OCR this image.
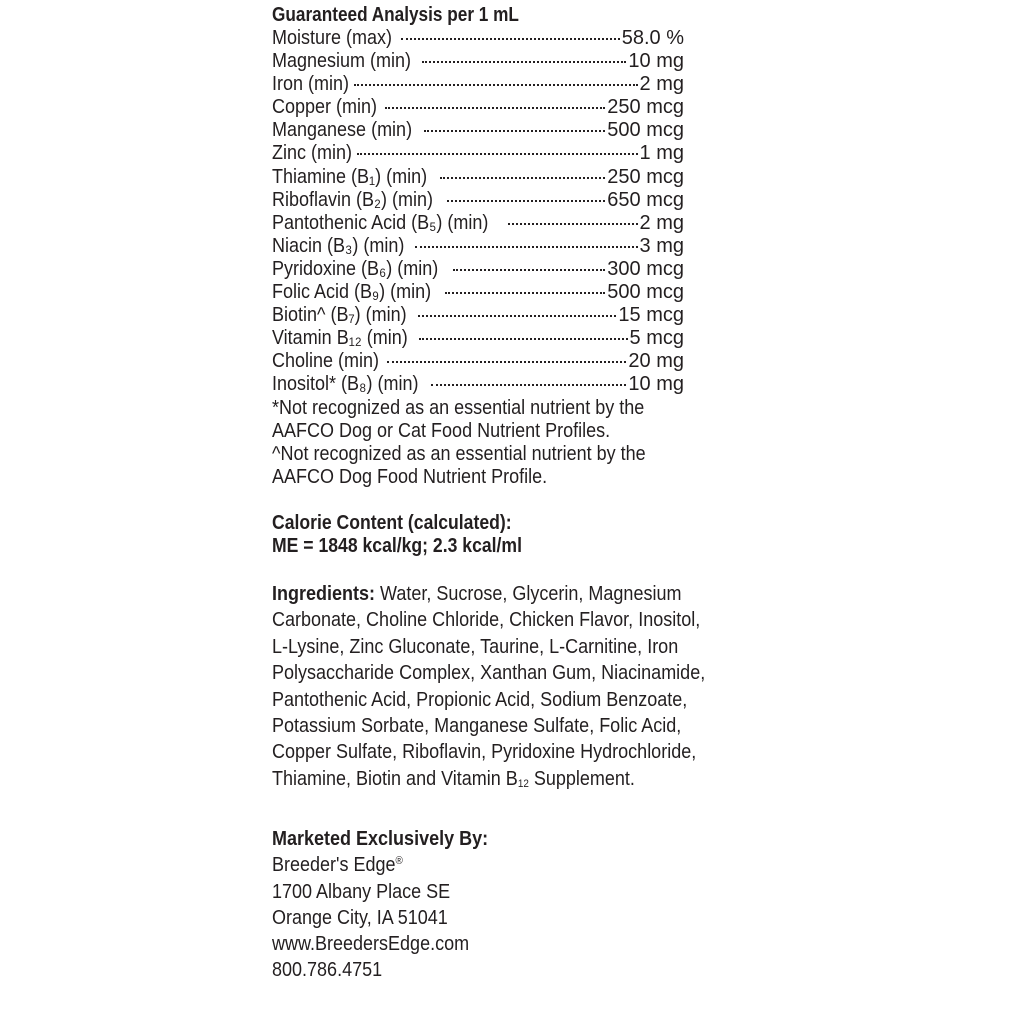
Guaranteed Analysis per 1 mL
Moisture (max)	58.0 %
Magnesium (min)	10 mg
Iron (min)	2 mg
Copper (min)	250 mcg
Manganese (min)	500 mcg
Zinc (min)	1 mg
Thiamine (B₁) (min)	250 mcg
Riboflavin (B₂) (min)	650 mcg
Pantothenic Acid (B₅) (min)	2 mg
Niacin (B₃) (min)	3 mg
Pyridoxine (B₆) (min)	300 mcg
Folic Acid (B₉) (min)	500 mcg
Biotin^ (B₇) (min)	15 mcg
Vitamin B₁₂ (min)	5 mcg
Choline (min)	20 mg
Inositol* (B₈) (min)	10 mg
*Not recognized as an essential nutrient by the AAFCO Dog or Cat Food Nutrient Profiles.
^Not recognized as an essential nutrient by the AAFCO Dog Food Nutrient Profile.
Calorie Content (calculated):
ME = 1848 kcal/kg; 2.3 kcal/ml
Ingredients: Water, Sucrose, Glycerin, Magnesium Carbonate, Choline Chloride, Chicken Flavor, Inositol, L-Lysine, Zinc Gluconate, Taurine, L-Carnitine, Iron Polysaccharide Complex, Xanthan Gum, Niacinamide, Pantothenic Acid, Propionic Acid, Sodium Benzoate, Potassium Sorbate, Manganese Sulfate, Folic Acid, Copper Sulfate, Riboflavin, Pyridoxine Hydrochloride, Thiamine, Biotin and Vitamin $B_{12}$ Supplement.
Marketed Exclusively By:
Breeder's Edge®
1700 Albany Place SE
Orange City, IA 51041
www.BreedersEdge.com
800.786.4751
